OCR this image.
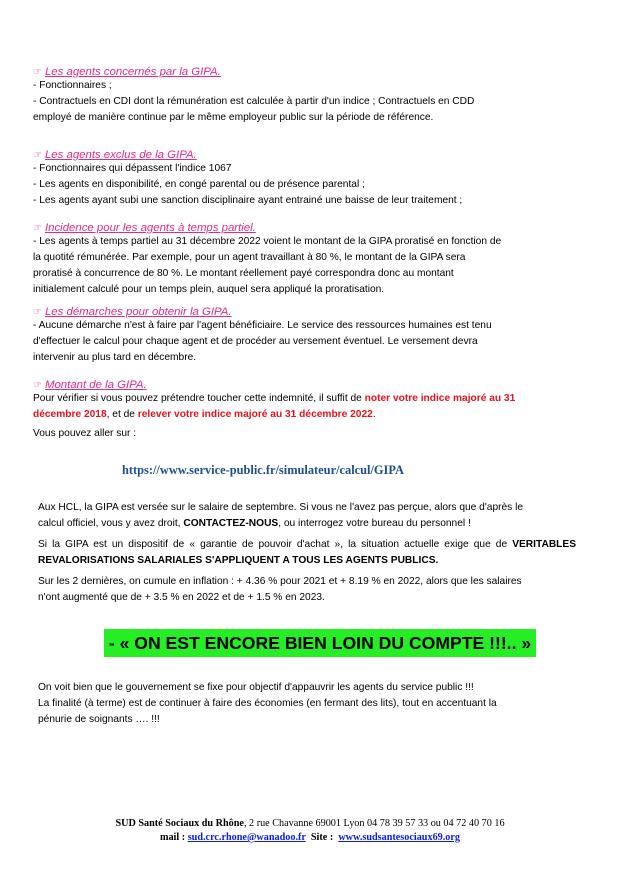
☞ Les agents concernés par la GIPA.
- Fonctionnaires ;
- Contractuels en CDI dont la rémunération est calculée à partir d'un indice ; Contractuels en CDD
employé de manière continue par le même employeur public sur la période de référence.
☞ Les agents exclus de la GIPA.
- Fonctionnaires qui dépassent l'indice 1067
- Les agents en disponibilité, en congé parental ou de présence parental ;
- Les agents ayant subi une sanction disciplinaire ayant entrainé une baisse de leur traitement ;
☞ Incidence pour les agents à temps partiel.
- Les agents à temps partiel au 31 décembre 2022 voient le montant de la GIPA proratisé en fonction de
la quotité rémunérée. Par exemple, pour un agent travaillant à 80 %, le montant de la GIPA sera
proratisé à concurrence de 80 %. Le montant réellement payé correspondra donc au montant
initialement calculé pour un temps plein, auquel sera appliqué la proratisation.
☞ Les démarches pour obtenir la GIPA.
- Aucune démarche n'est à faire par l'agent bénéficiaire. Le service des ressources humaines est tenu
d'effectuer le calcul pour chaque agent et de procéder au versement éventuel. Le versement devra
intervenir au plus tard en décembre.
☞ Montant de la GIPA.
Pour vérifier si vous pouvez prétendre toucher cette indemnité, il suffit de noter votre indice majoré au 31
décembre 2018, et de relever votre indice majoré au 31 décembre 2022.
Vous pouvez aller sur :
https://www.service-public.fr/simulateur/calcul/GIPA
Aux HCL, la GIPA est versée sur le salaire de septembre. Si vous ne l'avez pas perçue, alors que d'après le
calcul officiel, vous y avez droit, CONTACTEZ-NOUS, ou interrogez votre bureau du personnel !
Si la GIPA est un dispositif de « garantie de pouvoir d'achat », la situation actuelle exige que de VERITABLES REVALORISATIONS SALARIALES S'APPLIQUENT A TOUS LES AGENTS PUBLICS.
Sur les 2 dernières, on cumule en inflation : + 4.36 % pour 2021 et + 8.19 % en 2022, alors que les salaires
n'ont augmenté que de + 3.5 % en 2022 et de + 1.5 % en 2023.
- « ON EST ENCORE BIEN LOIN DU COMPTE !!!.. »
On voit bien que le gouvernement se fixe pour objectif d'appauvrir les agents du service public !!!
La finalité (à terme) est de continuer à faire des économies (en fermant des lits), tout en accentuant la
pénurie de soignants …. !!!
SUD Santé Sociaux du Rhône, 2 rue Chavanne 69001 Lyon 04 78 39 57 33 ou 04 72 40 70 16
mail : sud.crc.rhone@wanadoo.fr  Site :  www.sudsantesociaux69.org
